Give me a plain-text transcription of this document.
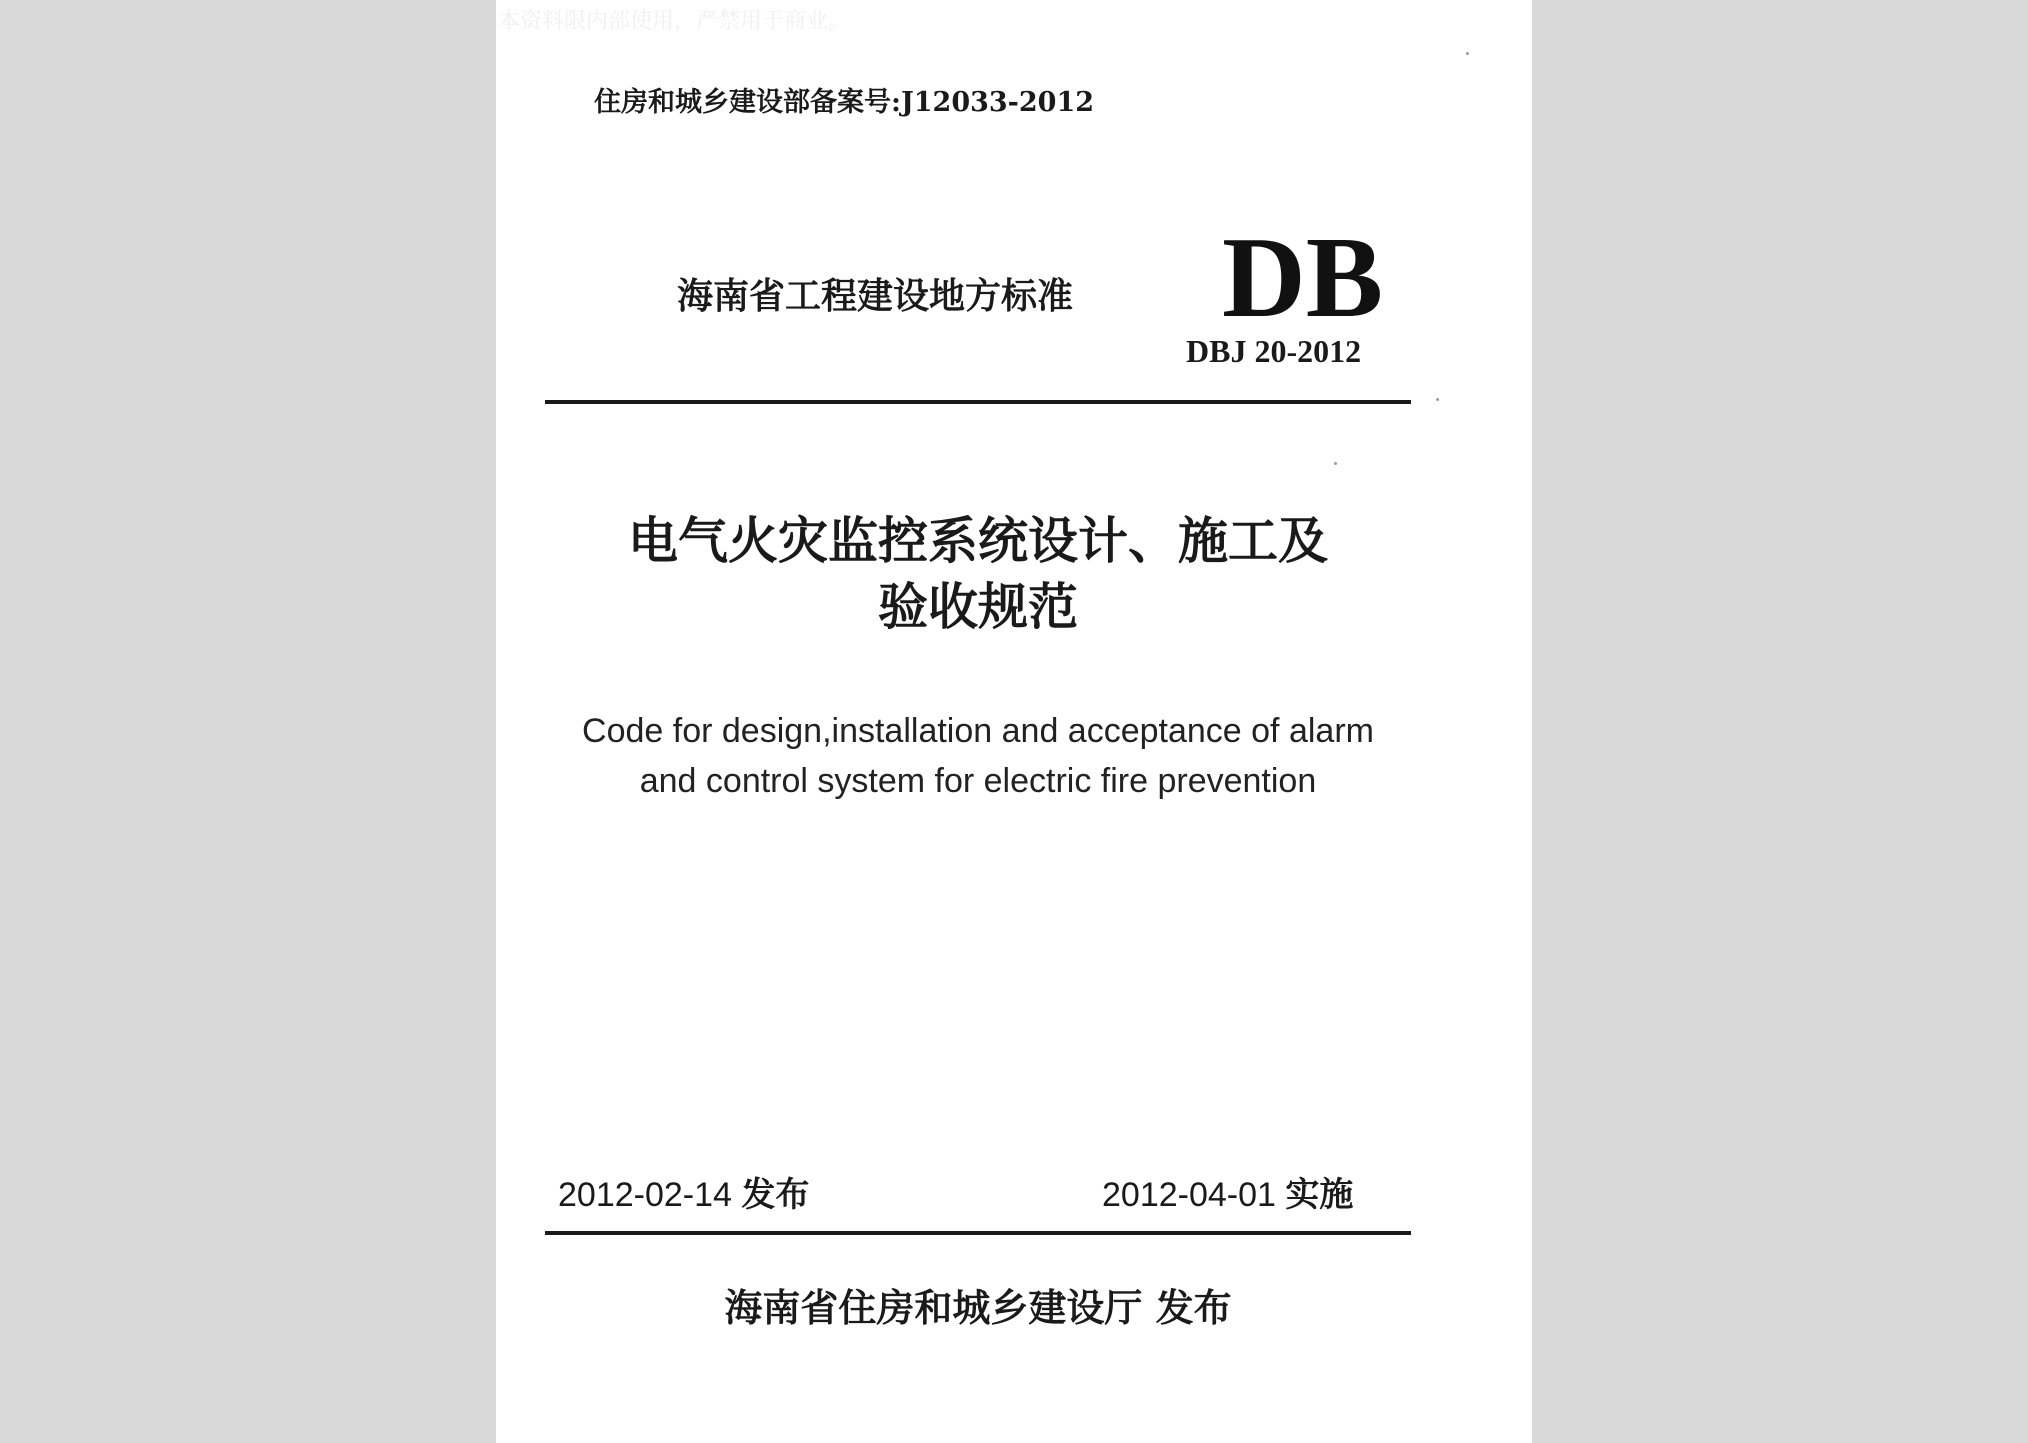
本资料限内部使用，严禁用于商业。
住房和城乡建设部备案号:J12033-2012
海南省工程建设地方标准 DB
DBJ 20-2012
电气火灾监控系统设计、施工及
验收规范
Code for design,installation and acceptance of alarm
and control system for electric fire prevention
2012-02-14 发布	2012-04-01 实施
海南省住房和城乡建设厅 发布
